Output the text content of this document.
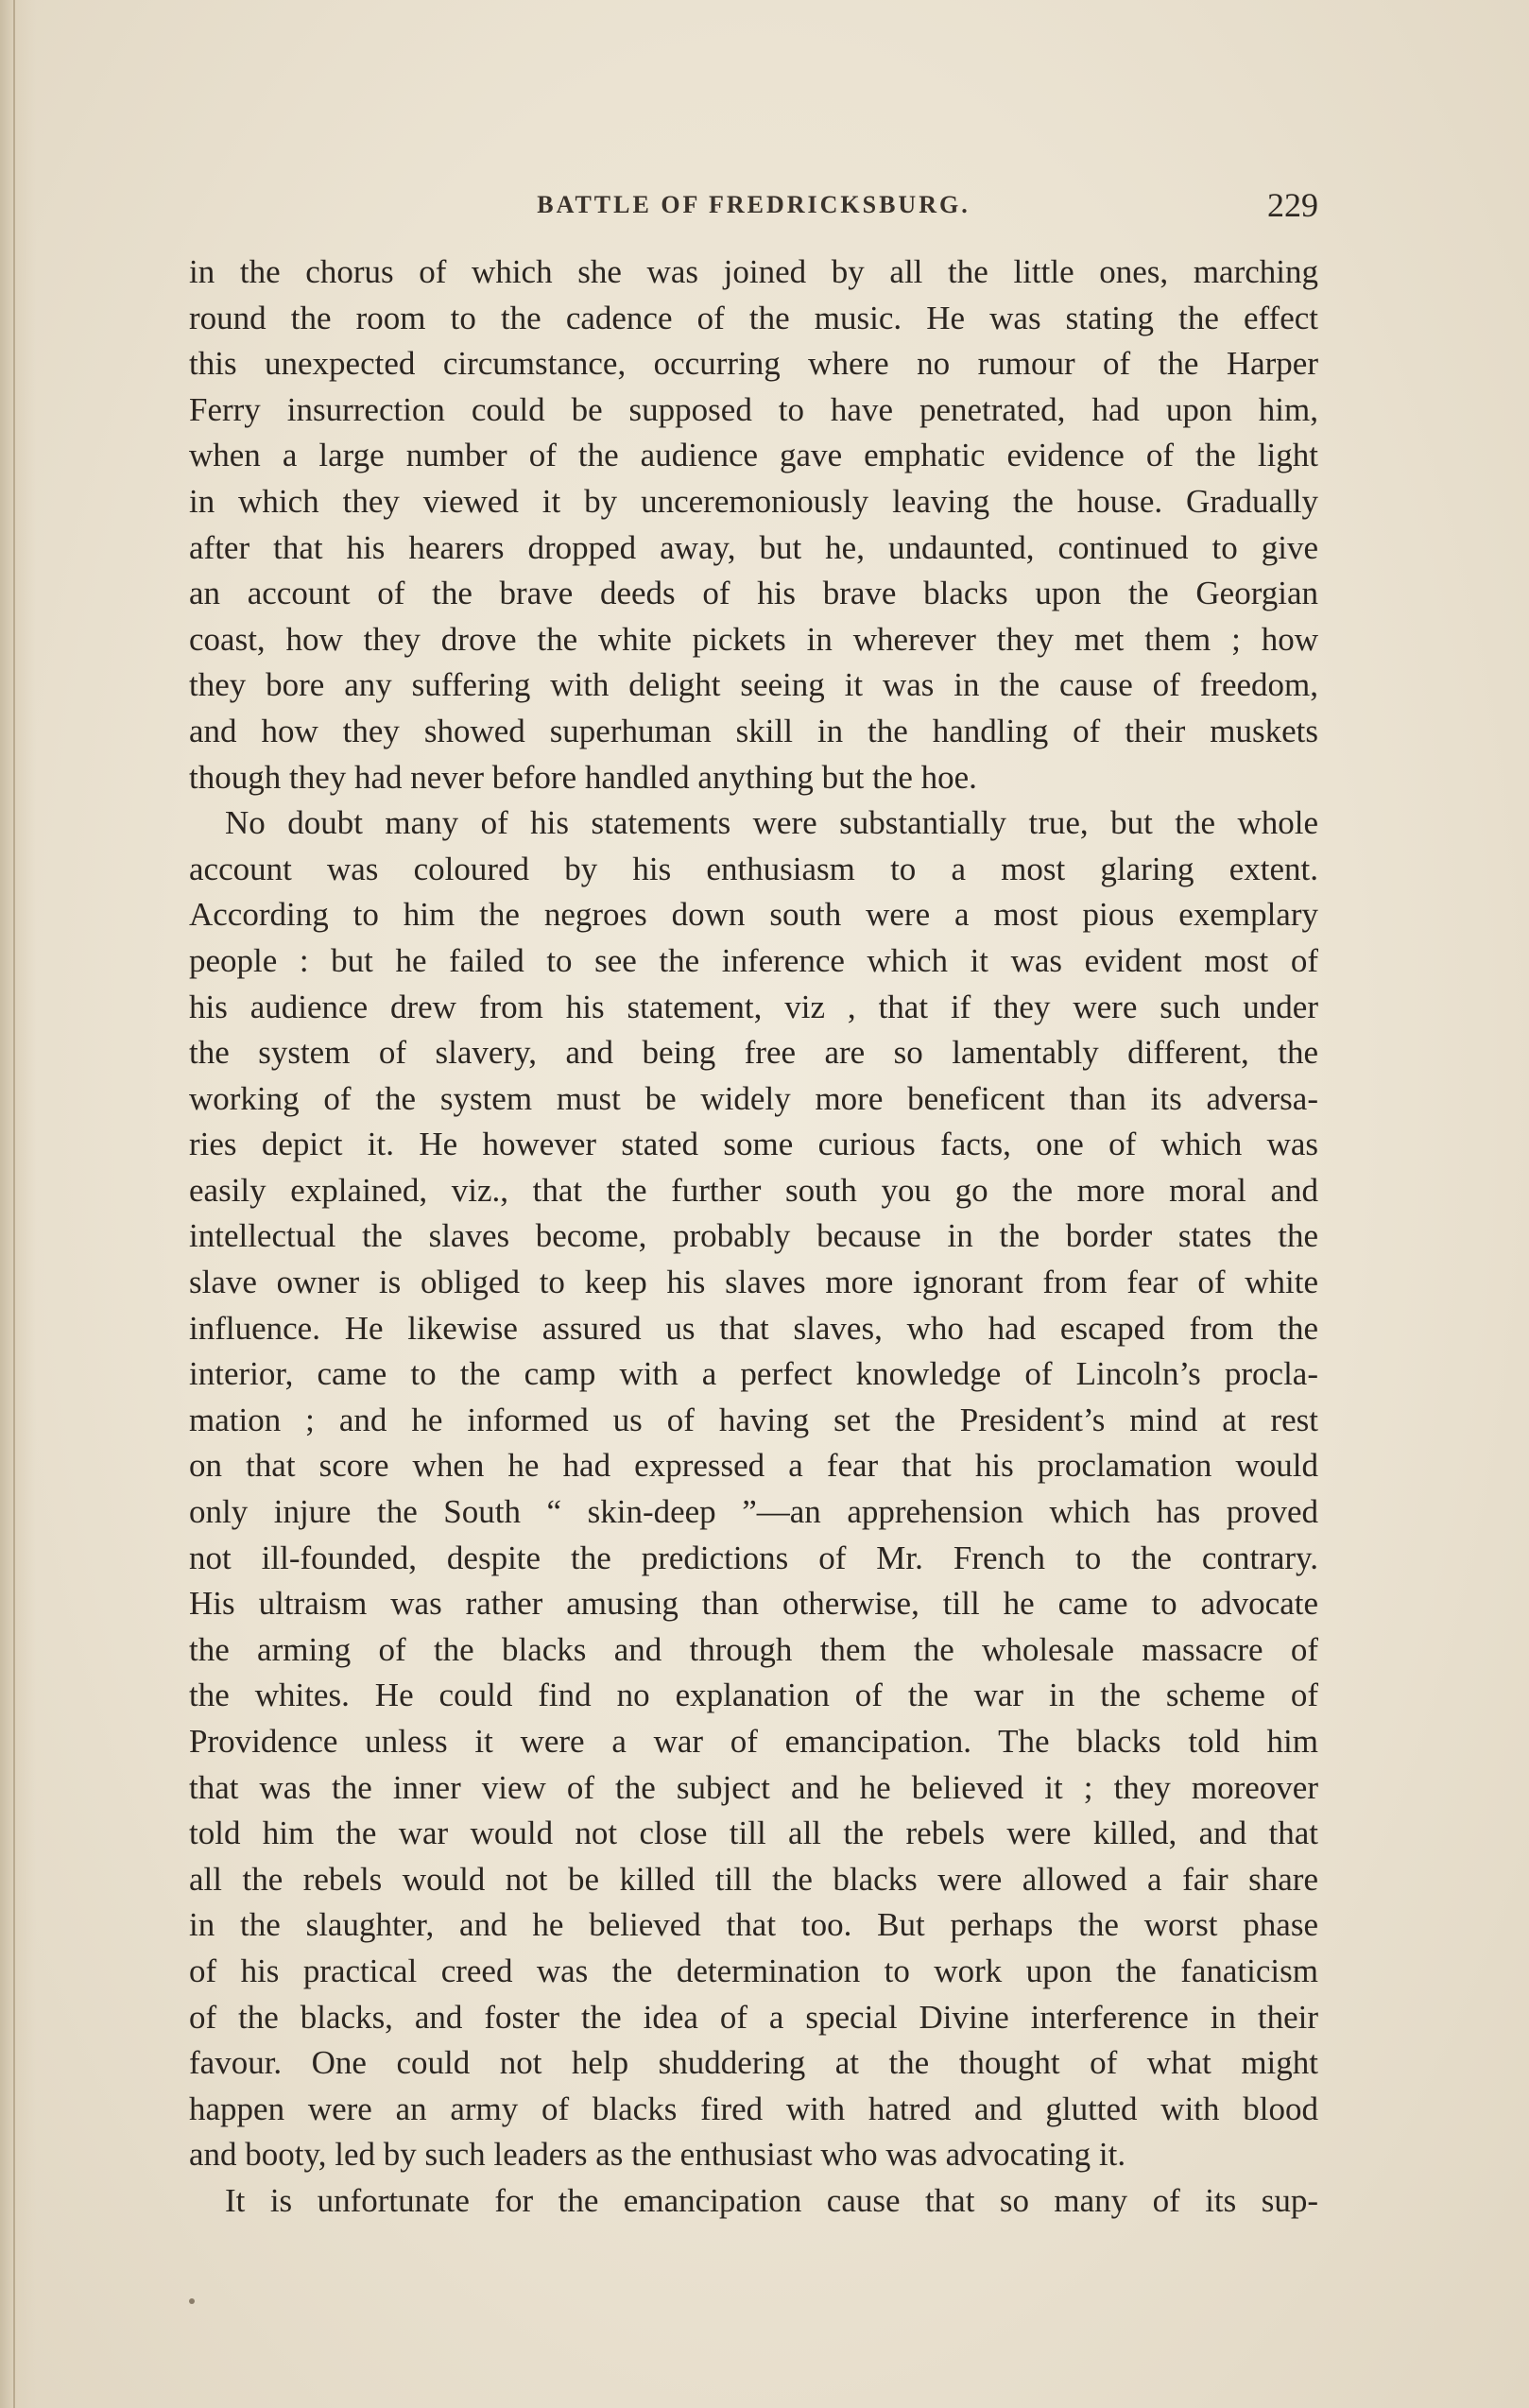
BATTLE OF FREDRICKSBURG.	229
in the chorus of which she was joined by all the little ones, marching
round the room to the cadence of the music. He was stating the effect
this unexpected circumstance, occurring where no rumour of the Harper
Ferry insurrection could be supposed to have penetrated, had upon him,
when a large number of the audience gave emphatic evidence of the light
in which they viewed it by unceremoniously leaving the house. Gradually
after that his hearers dropped away, but he, undaunted, continued to give
an account of the brave deeds of his brave blacks upon the Georgian
coast, how they drove the white pickets in wherever they met them ; how
they bore any suffering with delight seeing it was in the cause of freedom,
and how they showed superhuman skill in the handling of their muskets
though they had never before handled anything but the hoe.
No doubt many of his statements were substantially true, but the whole
account was coloured by his enthusiasm to a most glaring extent.
According to him the negroes down south were a most pious exemplary
people : but he failed to see the inference which it was evident most of
his audience drew from his statement, viz , that if they were such under
the system of slavery, and being free are so lamentably different, the
working of the system must be widely more beneficent than its adversa-
ries depict it. He however stated some curious facts, one of which was
easily explained, viz., that the further south you go the more moral and
intellectual the slaves become, probably because in the border states the
slave owner is obliged to keep his slaves more ignorant from fear of white
influence. He likewise assured us that slaves, who had escaped from the
interior, came to the camp with a perfect knowledge of Lincoln’s procla-
mation ; and he informed us of having set the President’s mind at rest
on that score when he had expressed a fear that his proclamation would
only injure the South “ skin-deep ”—an apprehension which has proved
not ill-founded, despite the predictions of Mr. French to the contrary.
His ultraism was rather amusing than otherwise, till he came to advocate
the arming of the blacks and through them the wholesale massacre of
the whites. He could find no explanation of the war in the scheme of
Providence unless it were a war of emancipation. The blacks told him
that was the inner view of the subject and he believed it ; they moreover
told him the war would not close till all the rebels were killed, and that
all the rebels would not be killed till the blacks were allowed a fair share
in the slaughter, and he believed that too. But perhaps the worst phase
of his practical creed was the determination to work upon the fanaticism
of the blacks, and foster the idea of a special Divine interference in their
favour. One could not help shuddering at the thought of what might
happen were an army of blacks fired with hatred and glutted with blood
and booty, led by such leaders as the enthusiast who was advocating it.
It is unfortunate for the emancipation cause that so many of its sup-
